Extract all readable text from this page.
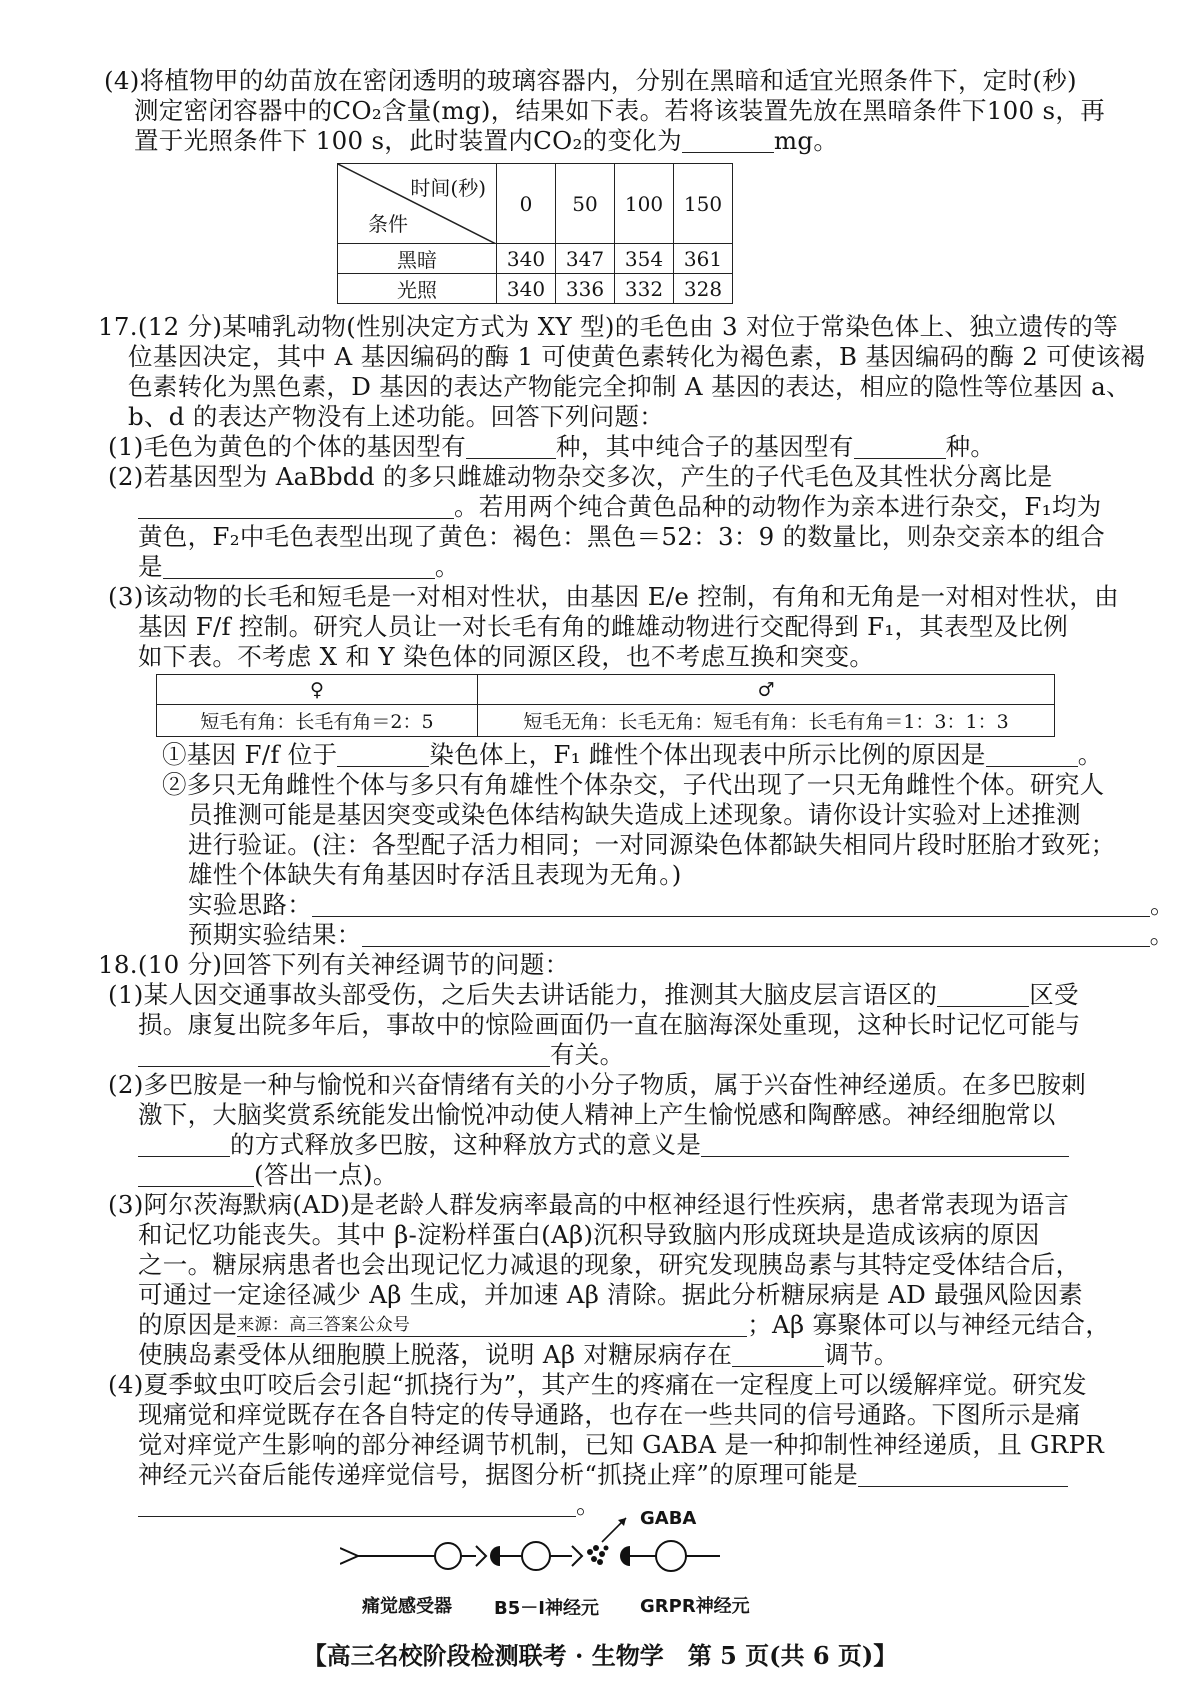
(4)将植物甲的幼苗放在密闭透明的玻璃容器内，分别在黑暗和适宜光照条件下，定时(秒)
测定密闭容器中的CO₂含量(mg)，结果如下表。若将该装置先放在黑暗条件下100 s，再
置于光照条件下 100 s，此时装置内CO₂的变化为	mg。
时间(秒)
条件	0	50	100	150
黑暗	340	347	354	361
光照	340	336	332	328
17.(12 分)某哺乳动物(性别决定方式为 XY 型)的毛色由 3 对位于常染色体上、独立遗传的等
位基因决定，其中 A 基因编码的酶 1 可使黄色素转化为褐色素，B 基因编码的酶 2 可使该褐
色素转化为黑色素，D 基因的表达产物能完全抑制 A 基因的表达，相应的隐性等位基因 a、
b、d 的表达产物没有上述功能。回答下列问题：
(1)毛色为黄色的个体的基因型有	种，其中纯合子的基因型有	种。
(2)若基因型为 AaBbdd 的多只雌雄动物杂交多次，产生的子代毛色及其性状分离比是
。若用两个纯合黄色品种的动物作为亲本进行杂交，F₁均为
黄色，F₂中毛色表型出现了黄色：褐色：黑色＝52：3：9 的数量比，则杂交亲本的组合
是	。
(3)该动物的长毛和短毛是一对相对性状，由基因 E/e 控制，有角和无角是一对相对性状，由
基因 F/f 控制。研究人员让一对长毛有角的雌雄动物进行交配得到 F₁，其表型及比例
如下表。不考虑 X 和 Y 染色体的同源区段，也不考虑互换和突变。
♀	♂
短毛有角：长毛有角＝2：5	短毛无角：长毛无角：短毛有角：长毛有角＝1：3：1：3
①基因 F/f 位于	染色体上，F₁ 雌性个体出现表中所示比例的原因是	。
②多只无角雌性个体与多只有角雄性个体杂交，子代出现了一只无角雌性个体。研究人
员推测可能是基因突变或染色体结构缺失造成上述现象。请你设计实验对上述推测
进行验证。(注：各型配子活力相同；一对同源染色体都缺失相同片段时胚胎才致死；
雄性个体缺失有角基因时存活且表现为无角。)
实验思路：	。
预期实验结果：	。
18.(10 分)回答下列有关神经调节的问题：
(1)某人因交通事故头部受伤，之后失去讲话能力，推测其大脑皮层言语区的	区受
损。康复出院多年后，事故中的惊险画面仍一直在脑海深处重现，这种长时记忆可能与
有关。
(2)多巴胺是一种与愉悦和兴奋情绪有关的小分子物质，属于兴奋性神经递质。在多巴胺刺
激下，大脑奖赏系统能发出愉悦冲动使人精神上产生愉悦感和陶醉感。神经细胞常以
的方式释放多巴胺，这种释放方式的意义是
(答出一点)。
(3)阿尔茨海默病(AD)是老龄人群发病率最高的中枢神经退行性疾病，患者常表现为语言
和记忆功能丧失。其中 β-淀粉样蛋白(Aβ)沉积导致脑内形成斑块是造成该病的原因
之一。糖尿病患者也会出现记忆力减退的现象，研究发现胰岛素与其特定受体结合后，
可通过一定途径减少 Aβ 生成，并加速 Aβ 清除。据此分析糖尿病是 AD 最强风险因素
的原因是 来源：高三答案公众号	；Aβ 寡聚体可以与神经元结合，
使胰岛素受体从细胞膜上脱落，说明 Aβ 对糖尿病存在	调节。
(4)夏季蚊虫叮咬后会引起“抓挠行为”，其产生的疼痛在一定程度上可以缓解痒觉。研究发
现痛觉和痒觉既存在各自特定的传导通路，也存在一些共同的信号通路。下图所示是痛
觉对痒觉产生影响的部分神经调节机制，已知 GABA 是一种抑制性神经递质，且 GRPR
神经元兴奋后能传递痒觉信号，据图分析“抓挠止痒”的原理可能是
。 GABA
痛觉感受器 B5－Ⅰ神经元 GRPR神经元
【高三名校阶段检测联考 · 生物学　第 5 页(共 6 页)】
